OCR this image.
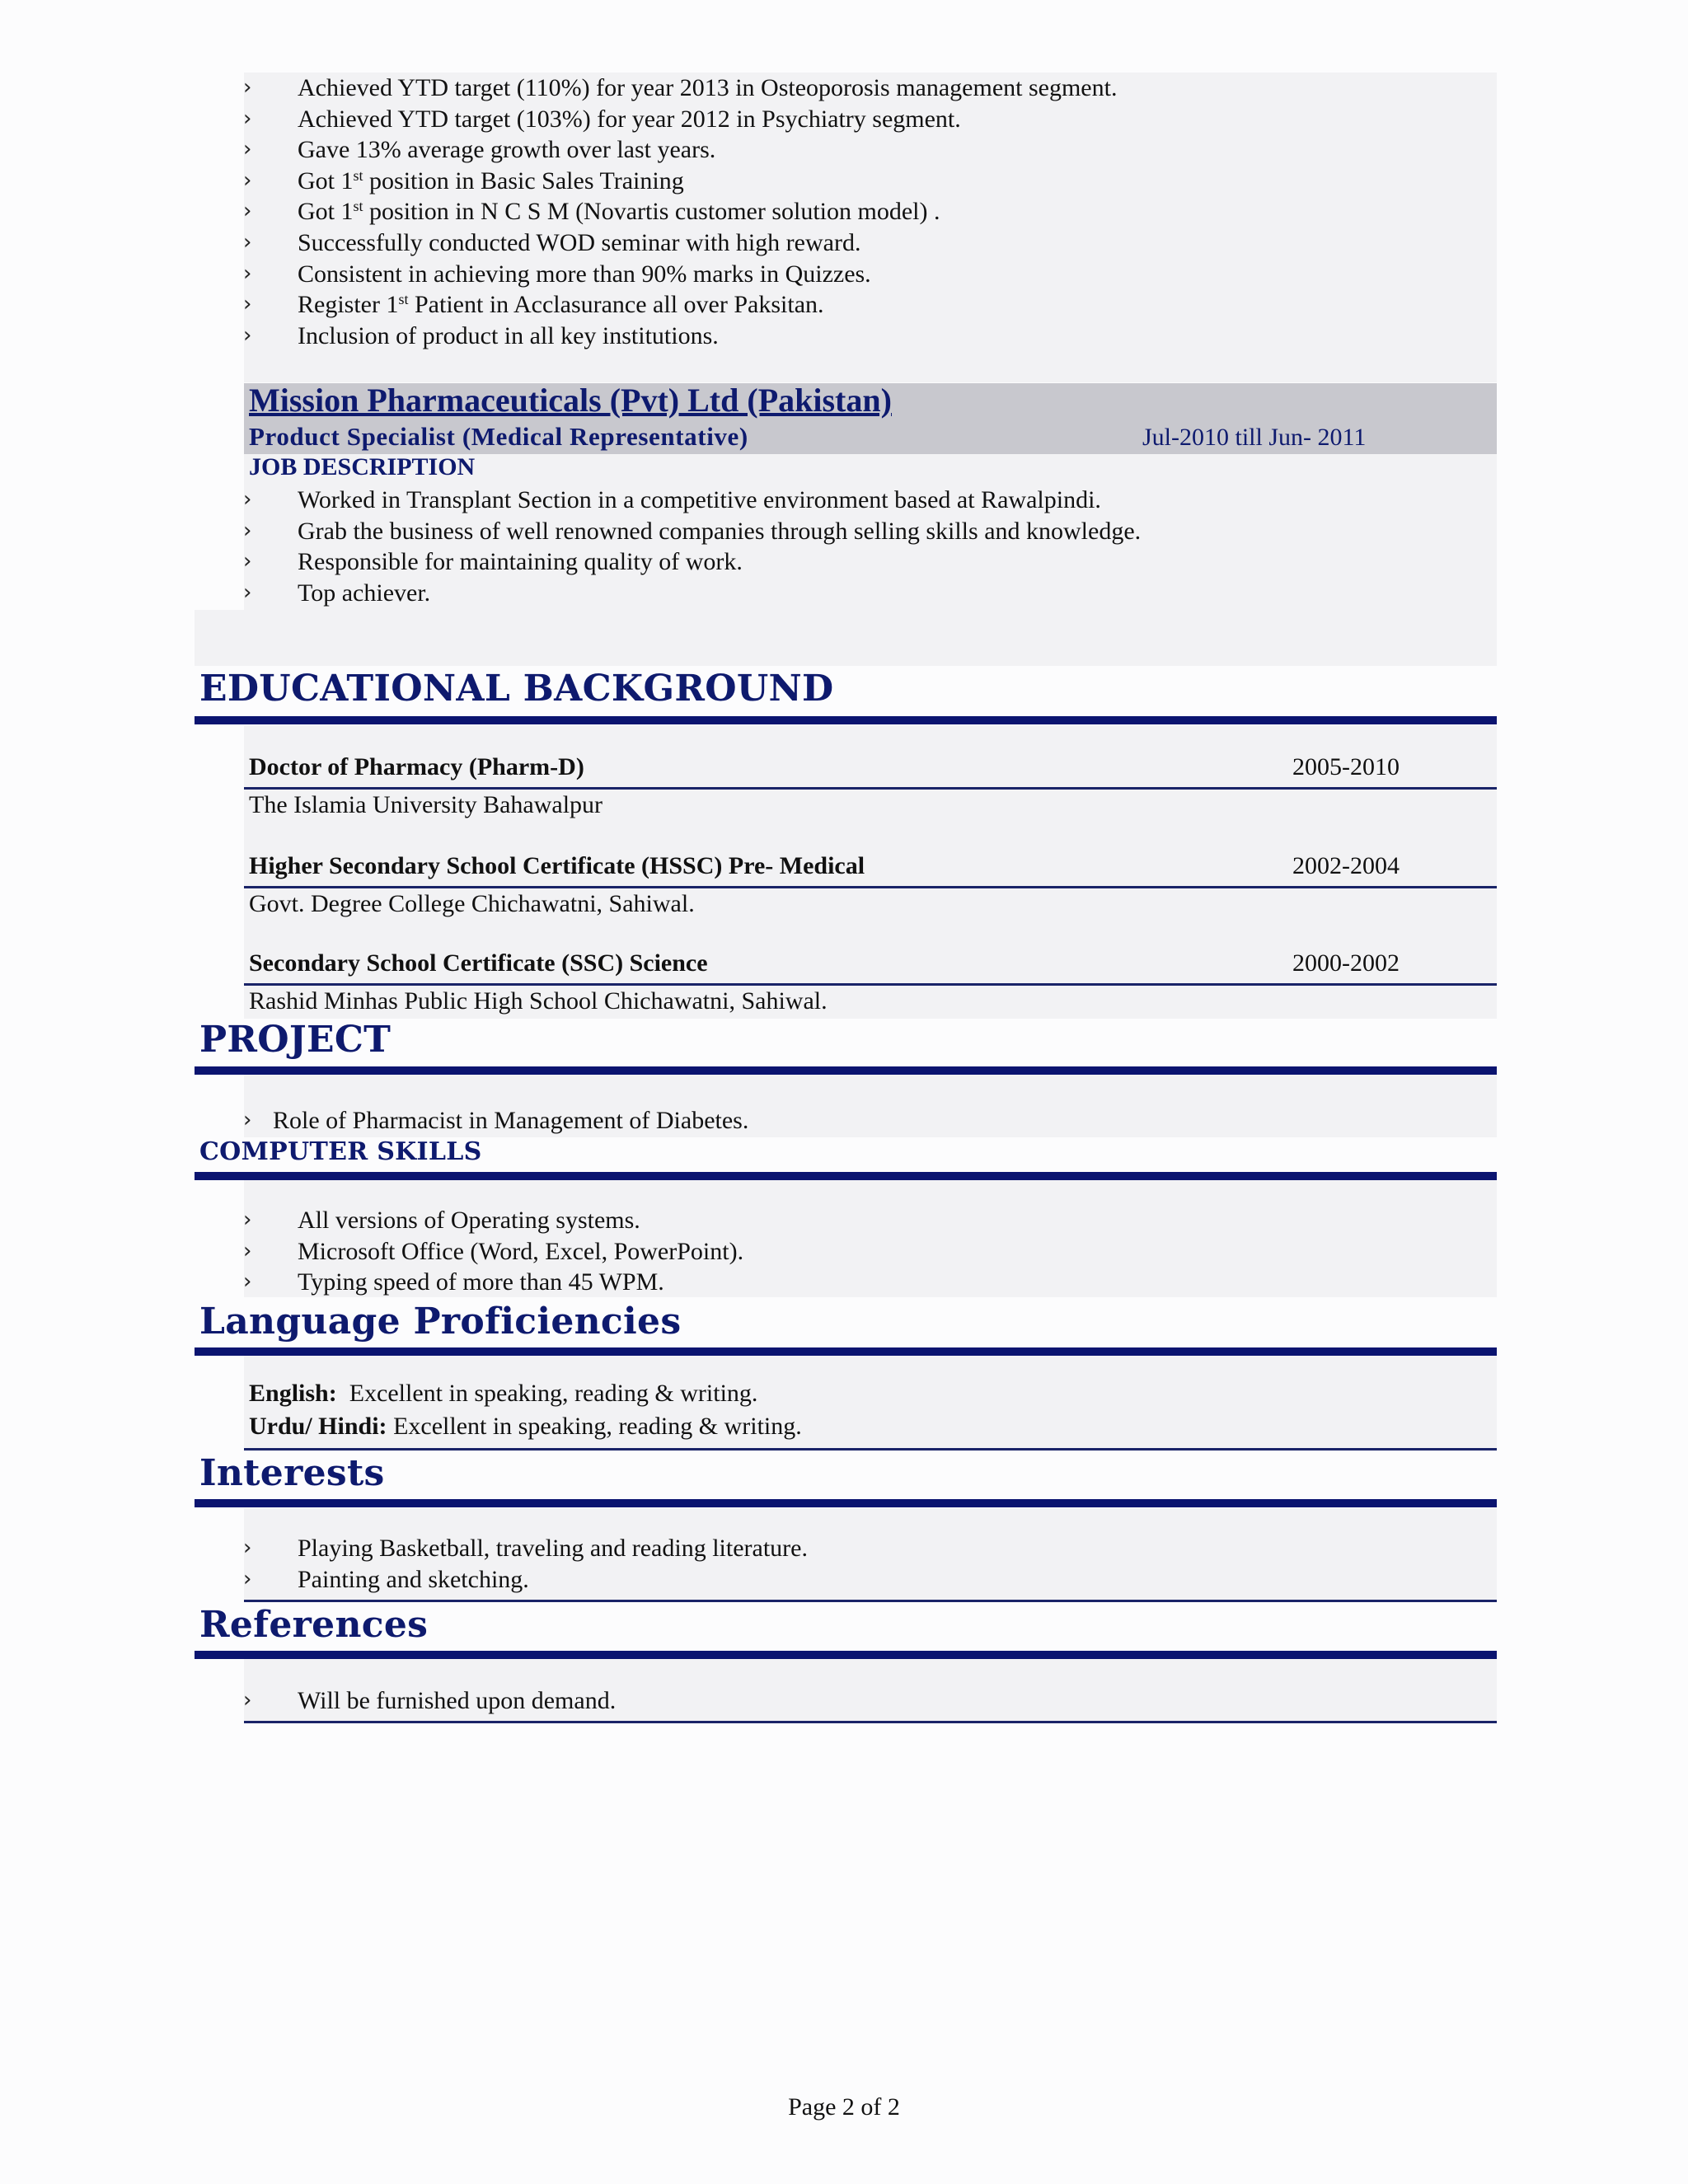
› Achieved YTD target (110%) for year 2013 in Osteoporosis management segment.
› Achieved YTD target (103%) for year 2012 in Psychiatry segment.
› Gave 13% average growth over last years.
› Got 1st position in Basic Sales Training
› Got 1st position in N C S M (Novartis customer solution model) .
› Successfully conducted WOD seminar with high reward.
› Consistent in achieving more than 90% marks in Quizzes.
› Register 1st Patient in Acclasurance all over Paksitan.
› Inclusion of product in all key institutions.
Mission Pharmaceuticals (Pvt) Ltd (Pakistan)
Product Specialist (Medical Representative)	Jul-2010 till Jun- 2011
JOB DESCRIPTION
› Worked in Transplant Section in a competitive environment based at Rawalpindi.
› Grab the business of well renowned companies through selling skills and knowledge.
› Responsible for maintaining quality of work.
› Top achiever.
EDUCATIONAL BACKGROUND
Doctor of Pharmacy (Pharm-D)	2005-2010
The Islamia University Bahawalpur
Higher Secondary School Certificate (HSSC) Pre- Medical	2002-2004
Govt. Degree College Chichawatni, Sahiwal.
Secondary School Certificate (SSC) Science	2000-2002
Rashid Minhas Public High School Chichawatni, Sahiwal.
PROJECT
› Role of Pharmacist in Management of Diabetes.
COMPUTER SKILLS
› All versions of Operating systems.
› Microsoft Office (Word, Excel, PowerPoint).
› Typing speed of more than 45 WPM.
Language Proficiencies
English: Excellent in speaking, reading & writing.
Urdu/ Hindi: Excellent in speaking, reading & writing.
Interests
› Playing Basketball, traveling and reading literature.
› Painting and sketching.
References
› Will be furnished upon demand.
Page 2 of 2
